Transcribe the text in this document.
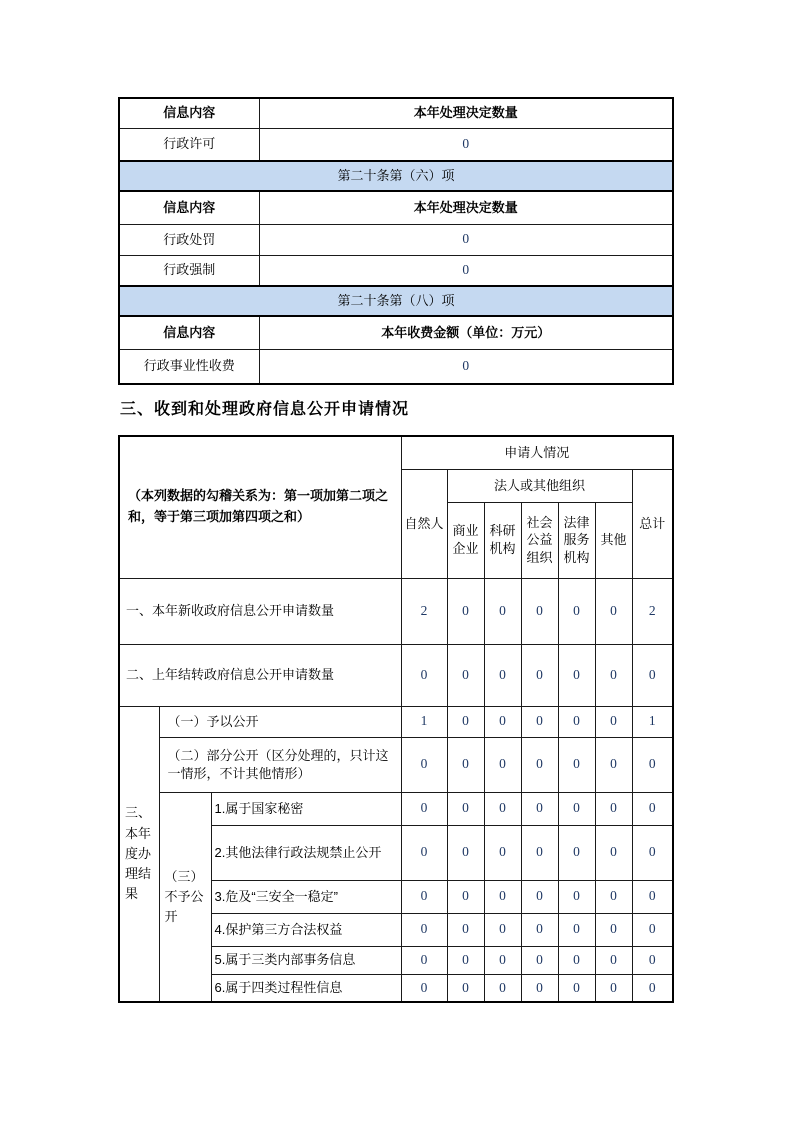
信息内容	本年处理决定数量
行政许可	0
第二十条第（六）项	
信息内容	本年处理决定数量
行政处罚	0
行政强制	0
第二十条第（八）项	
信息内容	本年收费金额（单位：万元）
行政事业性收费	0
三、收到和处理政府信息公开申请情况
（本列数据的勾稽关系为：第一项加第二项之和，等于第三项加第四项之和）			申请人情况						
			自然人	法人或其他组织					总计
				商业企业	科研机构	社会公益组织	法律服务机构	其他	
一、本年新收政府信息公开申请数量			2	0	0	0	0	0	2
二、上年结转政府信息公开申请数量			0	0	0	0	0	0	0
三、本年度办理结果	（一）予以公开		1	0	0	0	0	0	1
	（二）部分公开（区分处理的，只计这一情形，不计其他情形）		0	0	0	0	0	0	0
	（三）不予公开	1.属于国家秘密	0	0	0	0	0	0	0
		2.其他法律行政法规禁止公开	0	0	0	0	0	0	0
		3.危及“三安全一稳定”	0	0	0	0	0	0	0
		4.保护第三方合法权益	0	0	0	0	0	0	0
		5.属于三类内部事务信息	0	0	0	0	0	0	0
		6.属于四类过程性信息	0	0	0	0	0	0	0
